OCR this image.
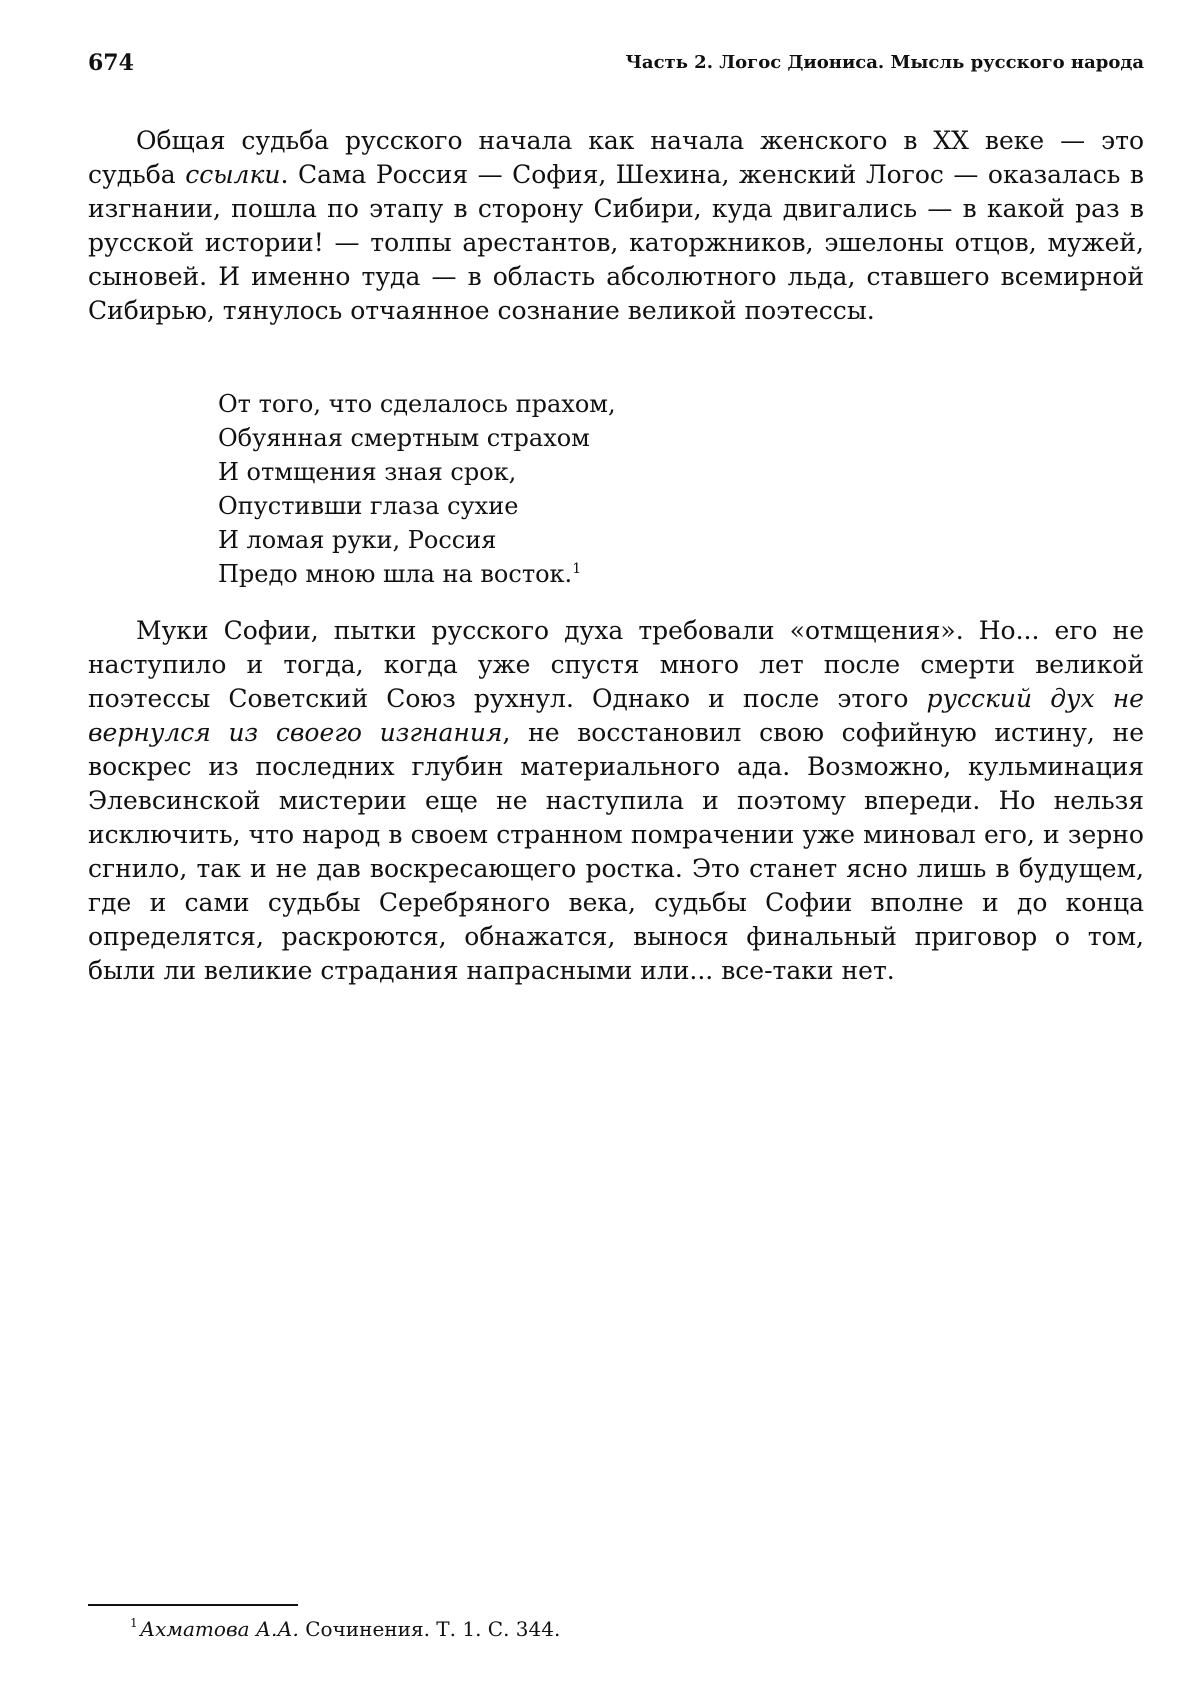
674	Часть 2. Логос Диониса. Мысль русского народа

Общая судьба русского начала как начала женского в XX веке — это судьба ссылки. Сама Россия — София, Шехина, женский Логос — оказалась в изгнании, пошла по этапу в сторону Сибири, куда двигались — в какой раз в русской истории! — толпы арестантов, каторжников, эшелоны отцов, мужей, сыновей. И именно туда — в область абсолютного льда, ставшего всемирной Сибирью, тянулось отчаянное сознание великой поэтессы.

От того, что сделалось прахом,
Обуянная смертным страхом
И отмщения зная срок,
Опустивши глаза сухие
И ломая руки, Россия
Предо мною шла на восток.$^1$

Муки Софии, пытки русского духа требовали «отмщения». Но... его не наступило и тогда, когда уже спустя много лет после смерти великой поэтессы Советский Союз рухнул. Однако и после этого русский дух не вернулся из своего изгнания, не восстановил свою софийную истину, не воскрес из последних глубин материального ада. Возможно, кульминация Элевсинской мистерии еще не наступила и поэтому впереди. Но нельзя исключить, что народ в своем странном помрачении уже миновал его, и зерно сгнило, так и не дав воскресающего ростка. Это станет ясно лишь в будущем, где и сами судьбы Серебряного века, судьбы Софии вполне и до конца определятся, раскроются, обнажатся, вынося финальный приговор о том, были ли великие страдания напрасными или... все-таки нет.

1 Ахматова А.А. Сочинения. Т. 1. С. 344.
